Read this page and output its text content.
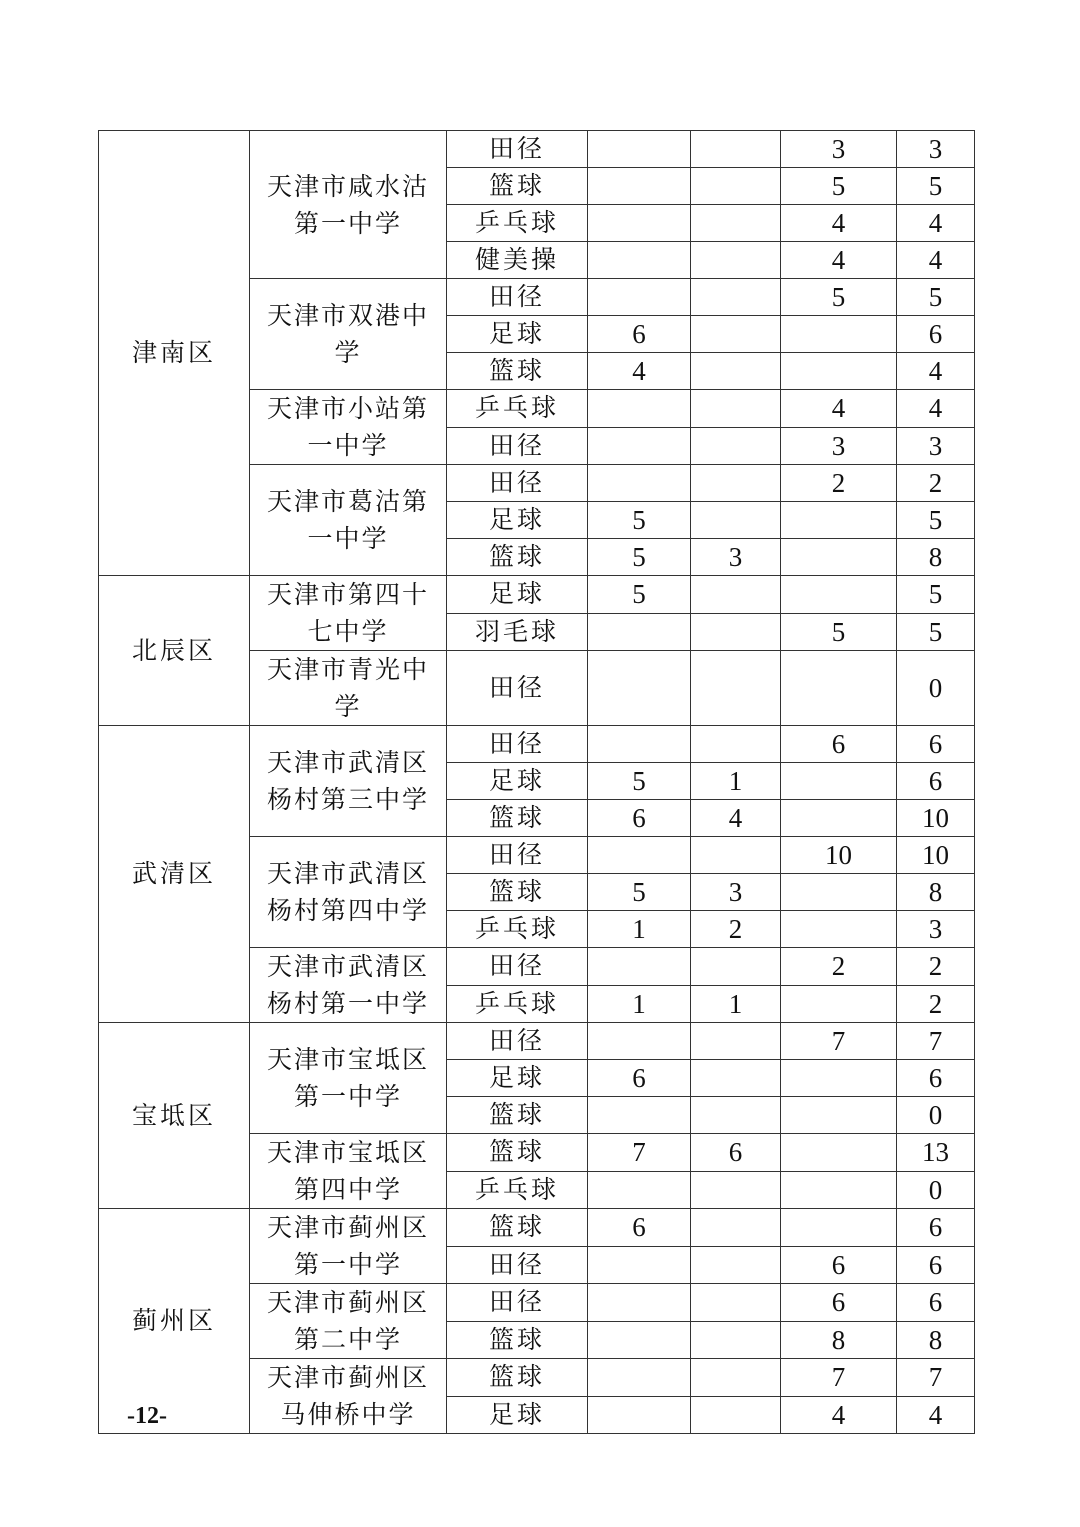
津南区	天津市咸水沽第一中学	田径			3	3
		篮球			5	5
		乒乓球			4	4
		健美操			4	4
	天津市双港中学	田径			5	5
		足球	6			6
		篮球	4			4
	天津市小站第一中学	乒乓球			4	4
		田径			3	3
	天津市葛沽第一中学	田径			2	2
		足球	5			5
		篮球	5	3		8
北辰区	天津市第四十七中学	足球	5			5
		羽毛球			5	5
	天津市青光中学	田径				0
武清区	天津市武清区杨村第三中学	田径			6	6
		足球	5	1		6
		篮球	6	4		10
	天津市武清区杨村第四中学	田径			10	10
		篮球	5	3		8
		乒乓球	1	2		3
	天津市武清区杨村第一中学	田径			2	2
		乒乓球	1	1		2
宝坻区	天津市宝坻区第一中学	田径			7	7
		足球	6			6
		篮球				0
	天津市宝坻区第四中学	篮球	7	6		13
		乒乓球				0
蓟州区	天津市蓟州区第一中学	篮球	6			6
		田径			6	6
	天津市蓟州区第二中学	田径			6	6
		篮球			8	8
	天津市蓟州区马伸桥中学	篮球			7	7
		足球			4	4
-12-
